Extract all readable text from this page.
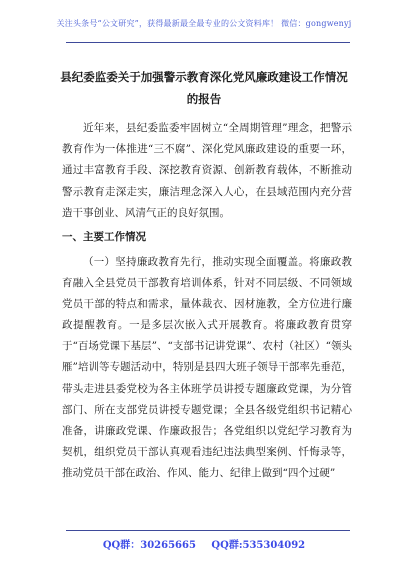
关注头条号“公文研究”，获得最新最全最专业的公文资料库！ 微信：gongwenyj
县纪委监委关于加强警示教育深化党风廉政建设工作情况
的报告

近年来，县纪委监委牢固树立“全周期管理”理念，把警示教育作为一体推进“三不腐”、深化党风廉政建设的重要一环，通过丰富教育手段、深挖教育资源、创新教育载体，不断推动警示教育走深走实，廉洁理念深入人心，在县域范围内充分营造干事创业、风清气正的良好氛围。

一、主要工作情况

（一）坚持廉政教育先行，推动实现全面覆盖。将廉政教育融入全县党员干部教育培训体系，针对不同层级、不同领域党员干部的特点和需求，量体裁衣、因材施教，全方位进行廉政提醒教育。一是多层次嵌入式开展教育。将廉政教育贯穿于“百场党课下基层”、“支部书记讲党课”、农村（社区）“领头雁”培训等专题活动中，特别是县四大班子领导干部率先垂范，带头走进县委党校为各主体班学员讲授专题廉政党课，为分管部门、所在支部党员讲授专题党课；全县各级党组织书记精心准备，讲廉政党课、作廉政报告；各党组织以党纪学习教育为契机，组织党员干部认真观看违纪违法典型案例、忏悔录等，推动党员干部在政治、作风、能力、纪律上做到“四个过硬”

QQ群：30265665 QQ群:535304092
